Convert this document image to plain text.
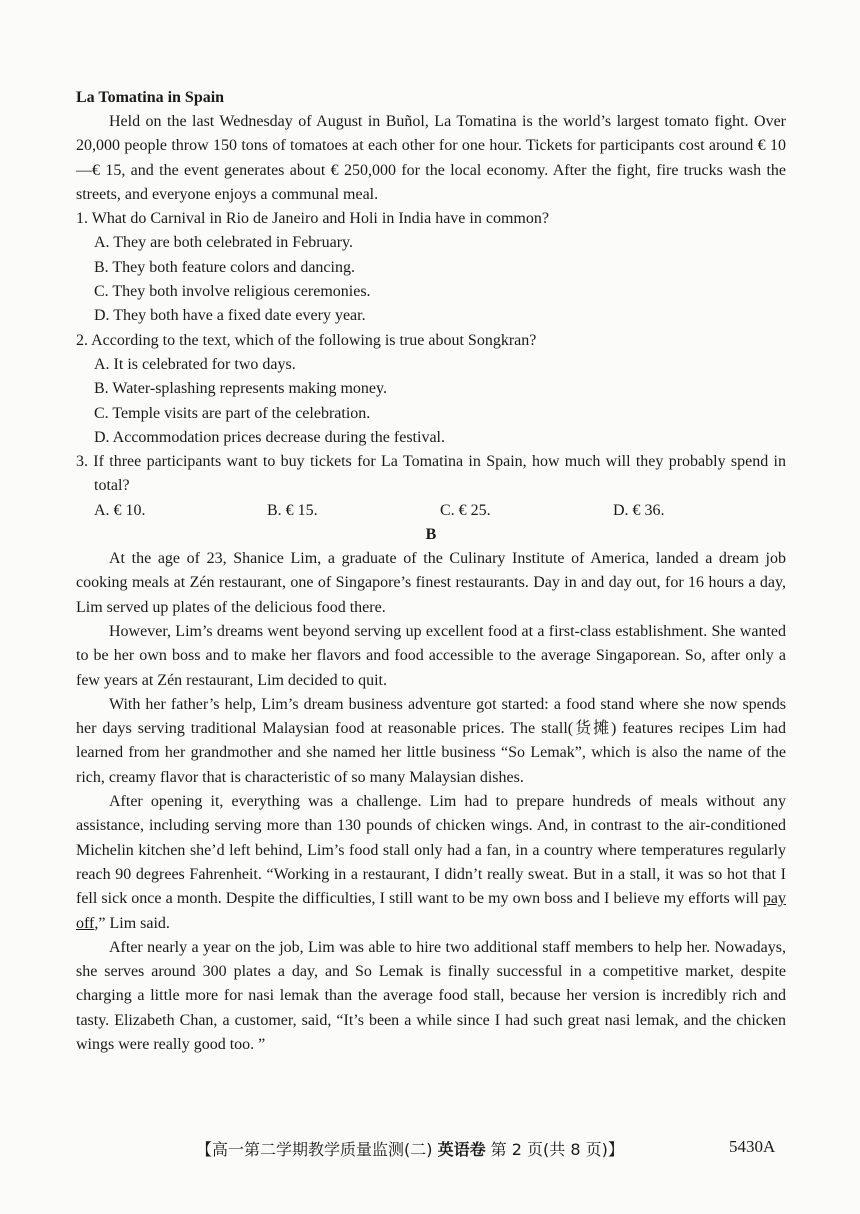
La Tomatina in Spain

Held on the last Wednesday of August in Buñol, La Tomatina is the world’s largest tomato fight. Over 20,000 people throw 150 tons of tomatoes at each other for one hour. Tickets for participants cost around € 10—€ 15, and the event generates about € 250,000 for the local economy. After the fight, fire trucks wash the streets, and everyone enjoys a communal meal.

1. What do Carnival in Rio de Janeiro and Holi in India have in common?

A. They are both celebrated in February.

B. They both feature colors and dancing.

C. They both involve religious ceremonies.

D. They both have a fixed date every year.

2. According to the text, which of the following is true about Songkran?

A. It is celebrated for two days.

B. Water-splashing represents making money.

C. Temple visits are part of the celebration.

D. Accommodation prices decrease during the festival.

3. If three participants want to buy tickets for La Tomatina in Spain, how much will they probably spend in total?

A. € 10.	B. € 15.	C. € 25.	D. € 36.

B

At the age of 23, Shanice Lim, a graduate of the Culinary Institute of America, landed a dream job cooking meals at Zén restaurant, one of Singapore’s finest restaurants. Day in and day out, for 16 hours a day, Lim served up plates of the delicious food there.

However, Lim’s dreams went beyond serving up excellent food at a first-class establishment. She wanted to be her own boss and to make her flavors and food accessible to the average Singaporean. So, after only a few years at Zén restaurant, Lim decided to quit.

With her father’s help, Lim’s dream business adventure got started: a food stand where she now spends her days serving traditional Malaysian food at reasonable prices. The stall(货摊) features recipes Lim had learned from her grandmother and she named her little business “So Lemak”, which is also the name of the rich, creamy flavor that is characteristic of so many Malaysian dishes.

After opening it, everything was a challenge. Lim had to prepare hundreds of meals without any assistance, including serving more than 130 pounds of chicken wings. And, in contrast to the air-conditioned Michelin kitchen she’d left behind, Lim’s food stall only had a fan, in a country where temperatures regularly reach 90 degrees Fahrenheit. “Working in a restaurant, I didn’t really sweat. But in a stall, it was so hot that I fell sick once a month. Despite the difficulties, I still want to be my own boss and I believe my efforts will pay off,” Lim said.

After nearly a year on the job, Lim was able to hire two additional staff members to help her. Nowadays, she serves around 300 plates a day, and So Lemak is finally successful in a competitive market, despite charging a little more for nasi lemak than the average food stall, because her version is incredibly rich and tasty. Elizabeth Chan, a customer, said, “It’s been a while since I had such great nasi lemak, and the chicken wings were really good too. ”

【高一第二学期教学质量监测(二) 英语卷 第 2 页(共 8 页)】	5430A
